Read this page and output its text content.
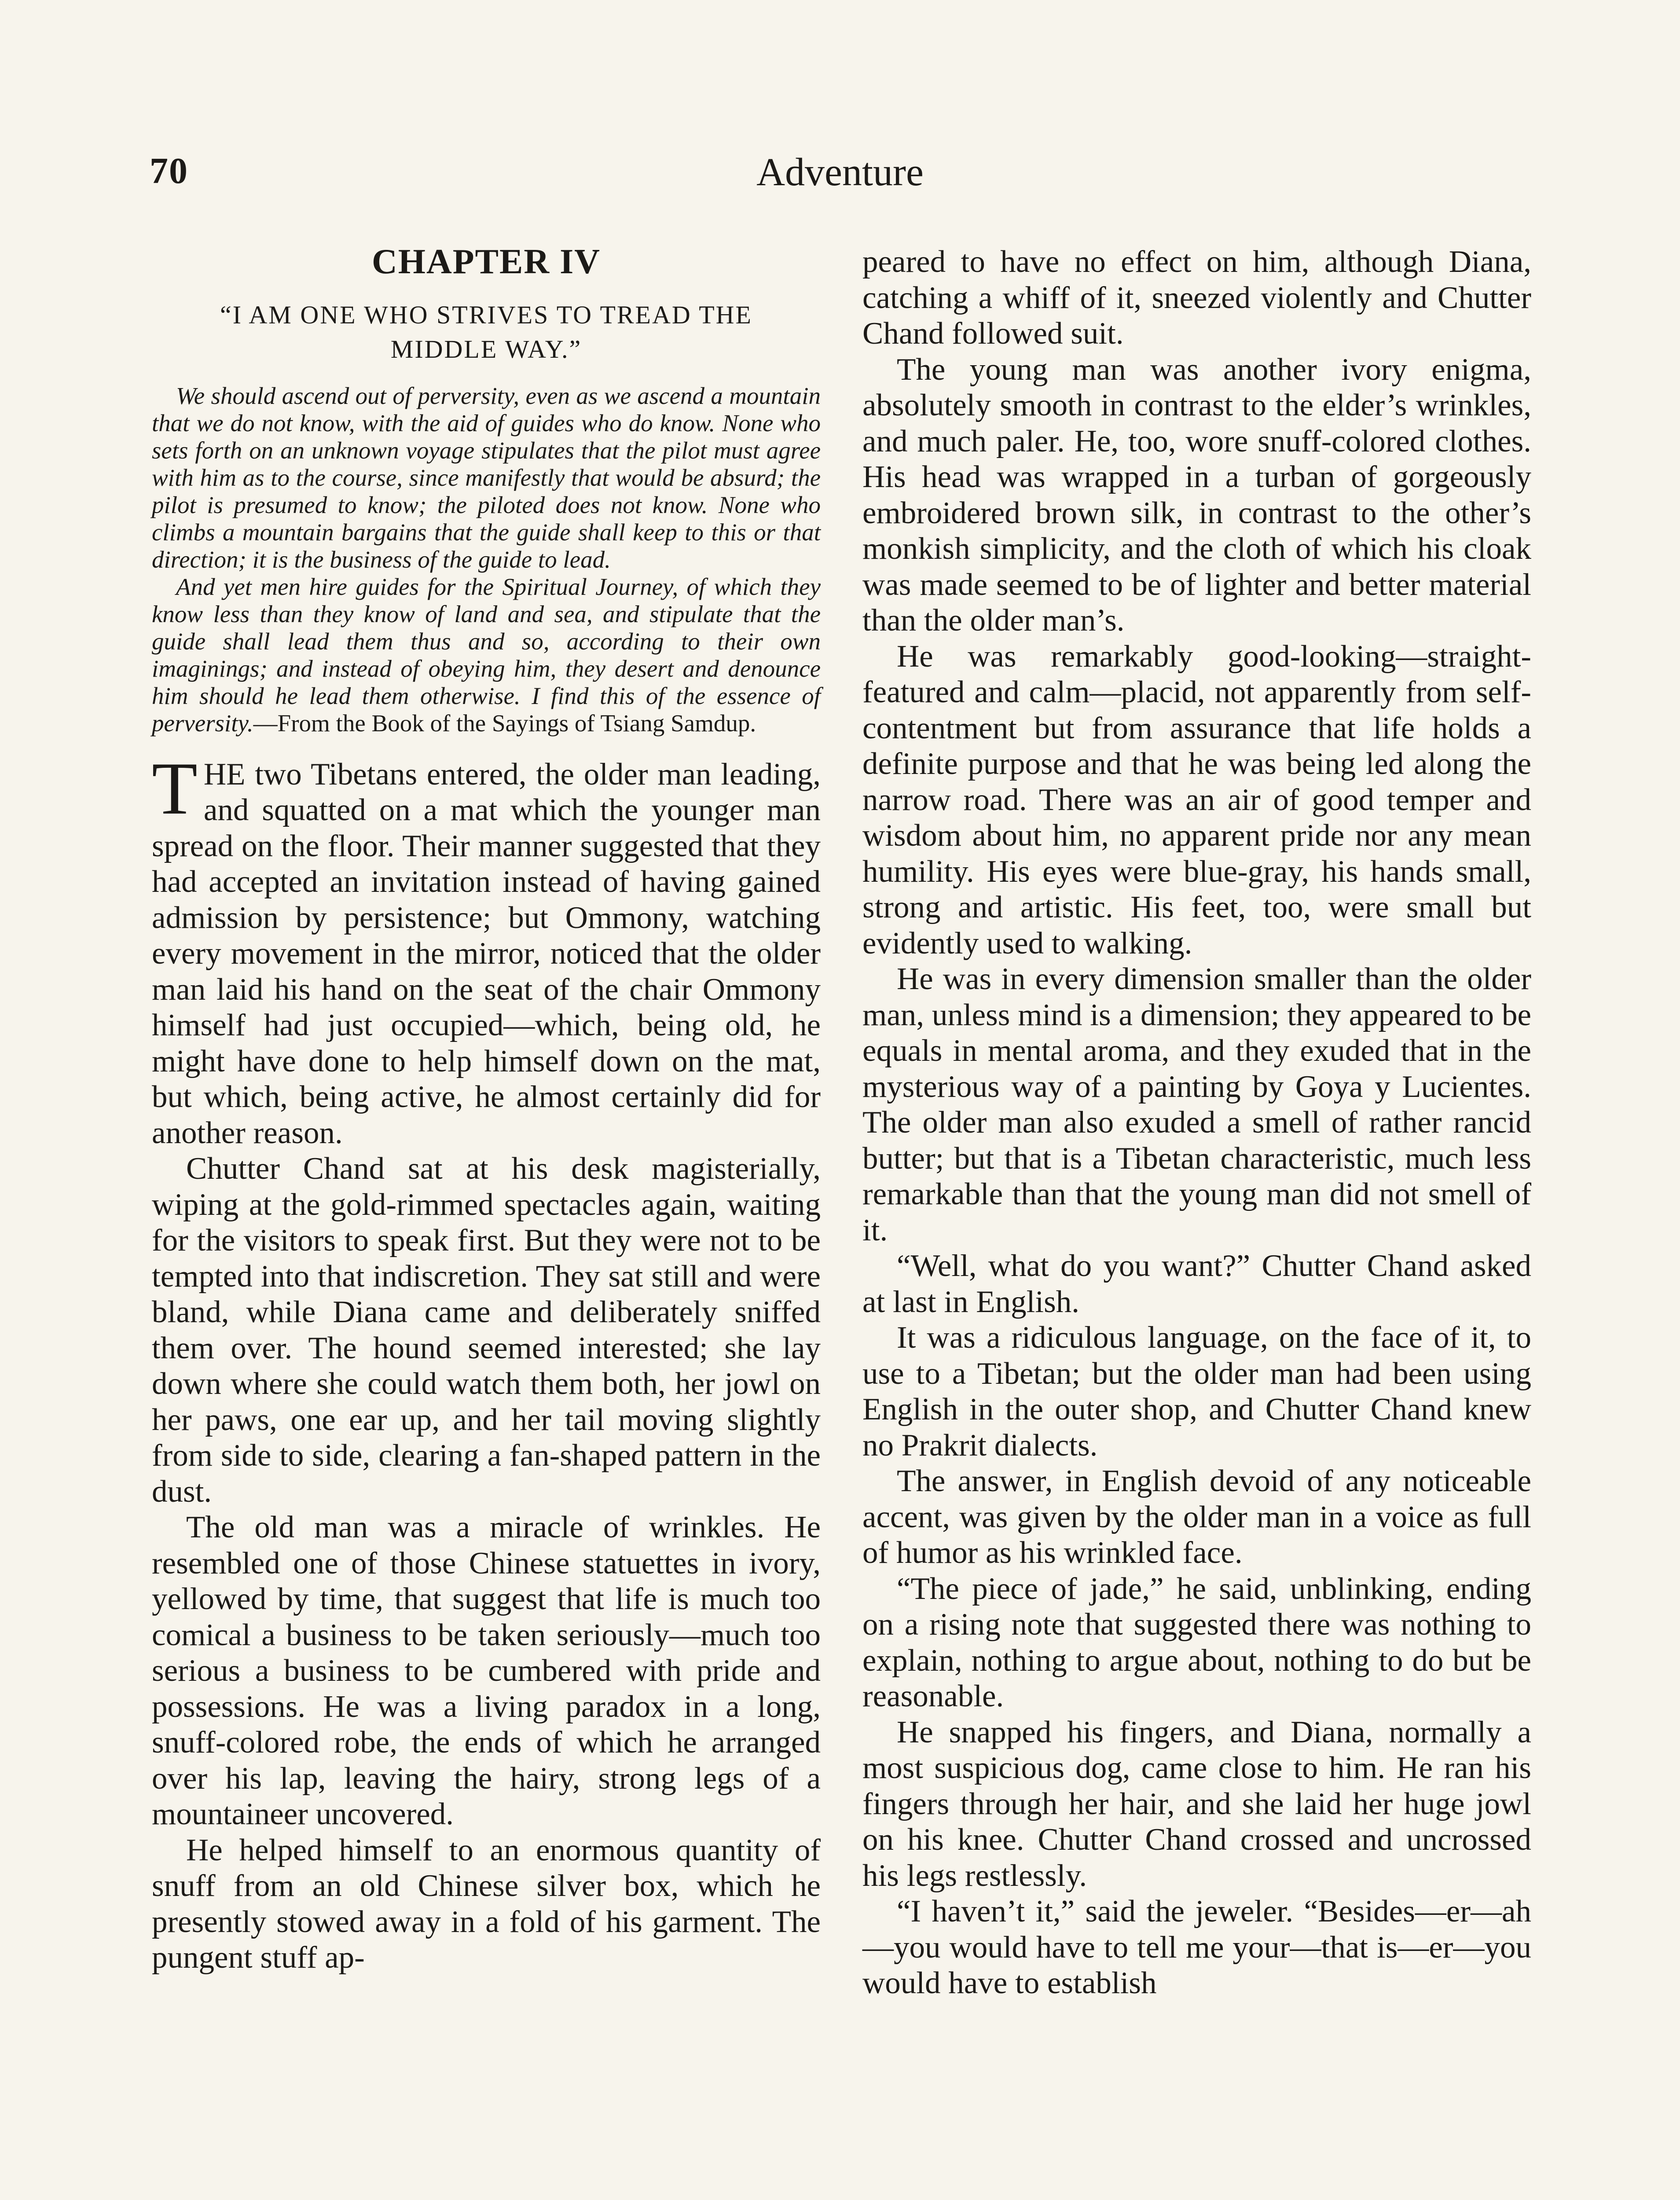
70	Adventure
CHAPTER IV
“I AM ONE WHO STRIVES TO TREAD THE
MIDDLE WAY.”

We should ascend out of perversity, even as we ascend a mountain that we do not know, with the aid of guides who do know. None who sets forth on an unknown voyage stipulates that the pilot must agree with him as to the course, since manifestly that would be absurd; the pilot is presumed to know; the piloted does not know. None who climbs a mountain bargains that the guide shall keep to this or that direction; it is the business of the guide to lead.

And yet men hire guides for the Spiritual Journey, of which they know less than they know of land and sea, and stipulate that the guide shall lead them thus and so, according to their own imaginings; and instead of obeying him, they desert and denounce him should he lead them otherwise. I find this of the essence of perversity.—From the Book of the Sayings of Tsiang Samdup.

THE two Tibetans entered, the older man leading, and squatted on a mat which the younger man spread on the floor. Their manner suggested that they had accepted an invitation instead of having gained admission by persistence; but Ommony, watching every movement in the mirror, noticed that the older man laid his hand on the seat of the chair Ommony himself had just occupied—which, being old, he might have done to help himself down on the mat, but which, being active, he almost certainly did for another reason.

Chutter Chand sat at his desk magisterially, wiping at the gold-rimmed spectacles again, waiting for the visitors to speak first. But they were not to be tempted into that indiscretion. They sat still and were bland, while Diana came and deliberately sniffed them over. The hound seemed interested; she lay down where she could watch them both, her jowl on her paws, one ear up, and her tail moving slightly from side to side, clearing a fan-shaped pattern in the dust.

The old man was a miracle of wrinkles. He resembled one of those Chinese statuettes in ivory, yellowed by time, that suggest that life is much too comical a business to be taken seriously—much too serious a business to be cumbered with pride and possessions. He was a living paradox in a long, snuff-colored robe, the ends of which he arranged over his lap, leaving the hairy, strong legs of a mountaineer uncovered.

He helped himself to an enormous quantity of snuff from an old Chinese silver box, which he presently stowed away in a fold of his garment. The pungent stuff ap-

peared to have no effect on him, although Diana, catching a whiff of it, sneezed violently and Chutter Chand followed suit.

The young man was another ivory enigma, absolutely smooth in contrast to the elder’s wrinkles, and much paler. He, too, wore snuff-colored clothes. His head was wrapped in a turban of gorgeously embroidered brown silk, in contrast to the other’s monkish simplicity, and the cloth of which his cloak was made seemed to be of lighter and better material than the older man’s.

He was remarkably good-looking—straight-featured and calm—placid, not apparently from self-contentment but from assurance that life holds a definite purpose and that he was being led along the narrow road. There was an air of good temper and wisdom about him, no apparent pride nor any mean humility. His eyes were blue-gray, his hands small, strong and artistic. His feet, too, were small but evidently used to walking.

He was in every dimension smaller than the older man, unless mind is a dimension; they appeared to be equals in mental aroma, and they exuded that in the mysterious way of a painting by Goya y Lucientes. The older man also exuded a smell of rather rancid butter; but that is a Tibetan characteristic, much less remarkable than that the young man did not smell of it.

“Well, what do you want?” Chutter Chand asked at last in English.

It was a ridiculous language, on the face of it, to use to a Tibetan; but the older man had been using English in the outer shop, and Chutter Chand knew no Prakrit dialects.

The answer, in English devoid of any noticeable accent, was given by the older man in a voice as full of humor as his wrinkled face.

“The piece of jade,” he said, unblinking, ending on a rising note that suggested there was nothing to explain, nothing to argue about, nothing to do but be reasonable.

He snapped his fingers, and Diana, normally a most suspicious dog, came close to him. He ran his fingers through her hair, and she laid her huge jowl on his knee. Chutter Chand crossed and uncrossed his legs restlessly.

“I haven’t it,” said the jeweler. “Besides—er—ah—you would have to tell me your—that is—er—you would have to establish
